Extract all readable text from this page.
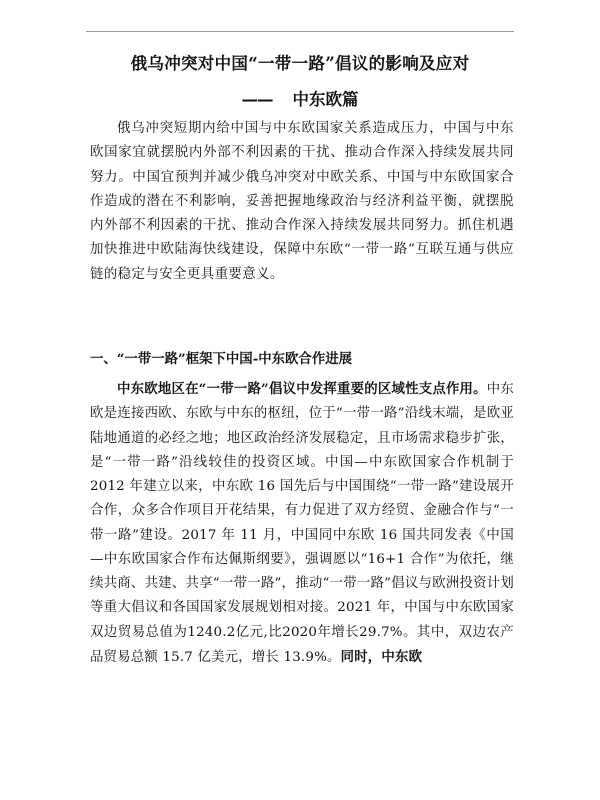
俄乌冲突对中国“一带一路”倡议的影响及应对
—— 中东欧篇

俄乌冲突短期内给中国与中东欧国家关系造成压力，中国与中东欧国家宜就摆脱内外部不利因素的干扰、推动合作深入持续发展共同努力。中国宜预判并减少俄乌冲突对中欧关系、中国与中东欧国家合作造成的潜在不利影响，妥善把握地缘政治与经济利益平衡，就摆脱内外部不利因素的干扰、推动合作深入持续发展共同努力。抓住机遇加快推进中欧陆海快线建设，保障中东欧“一带一路”互联互通与供应链的稳定与安全更具重要意义。

一、“一带一路”框架下中国-中东欧合作进展

中东欧地区在“一带一路”倡议中发挥重要的区域性支点作用。中东欧是连接西欧、东欧与中东的枢纽，位于“一带一路”沿线末端，是欧亚陆地通道的必经之地；地区政治经济发展稳定，且市场需求稳步扩张，是“一带一路”沿线较佳的投资区域。中国—中东欧国家合作机制于 2012 年建立以来，中东欧 16 国先后与中国围绕“一带一路”建设展开合作，众多合作项目开花结果，有力促进了双方经贸、金融合作与“一带一路”建设。2017 年 11 月，中国同中东欧 16 国共同发表《中国—中东欧国家合作布达佩斯纲要》，强调愿以“16+1 合作”为依托，继续共商、共建、共享“一带一路”，推动“一带一路”倡议与欧洲投资计划等重大倡议和各国国家发展规划相对接。2021 年，中国与中东欧国家双边贸易总值为1240.2亿元,比2020年增长29.7%。其中，双边农产品贸易总额 15.7 亿美元，增长 13.9%。同时，中东欧
